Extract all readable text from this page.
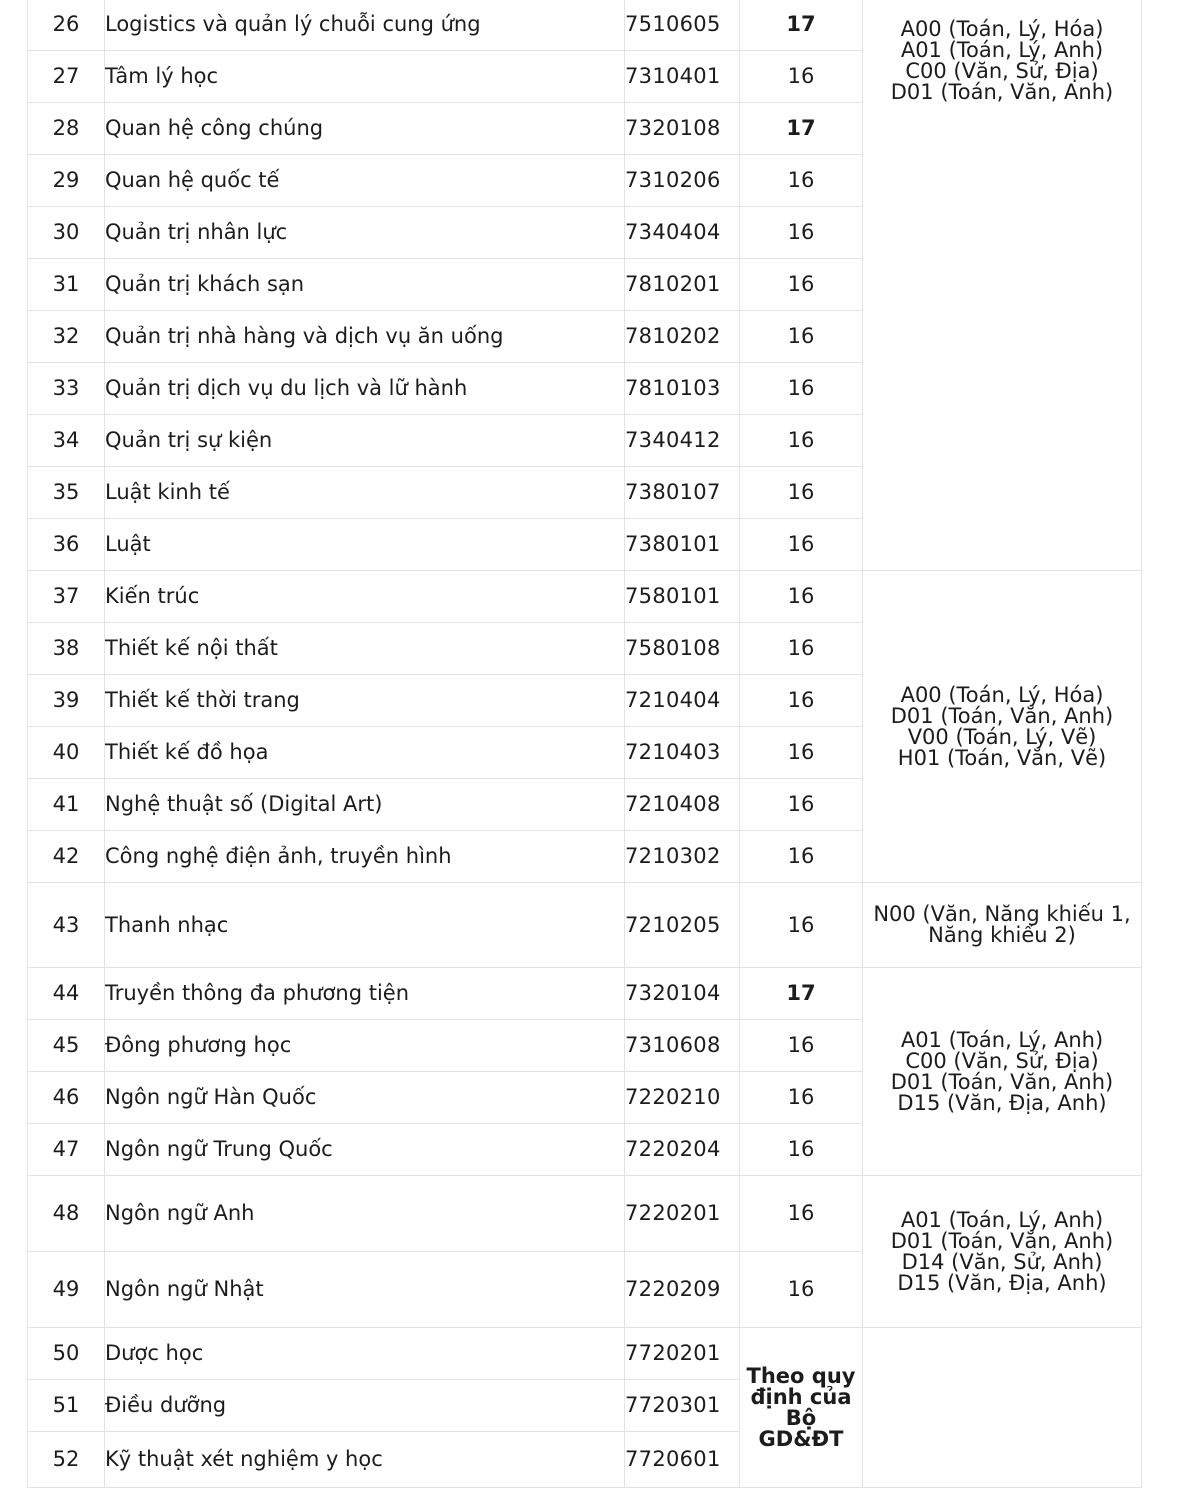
26	Logistics và quản lý chuỗi cung ứng	7510605	17	A00 (Toán, Lý, Hóa)
A01 (Toán, Lý, Anh)
C00 (Văn, Sử, Địa)
D01 (Toán, Văn, Anh)

27	Tâm lý học	7310401	16	
28	Quan hệ công chúng	7320108	17	
29	Quan hệ quốc tế	7310206	16	
30	Quản trị nhân lực	7340404	16	
31	Quản trị khách sạn	7810201	16	
32	Quản trị nhà hàng và dịch vụ ăn uống	7810202	16	
33	Quản trị dịch vụ du lịch và lữ hành	7810103	16	
34	Quản trị sự kiện	7340412	16	
35	Luật kinh tế	7380107	16	
36	Luật	7380101	16	
37	Kiến trúc	7580101	16	A00 (Toán, Lý, Hóa)
D01 (Toán, Văn, Anh)
V00 (Toán, Lý, Vẽ)
H01 (Toán, Văn, Vẽ)

38	Thiết kế nội thất	7580108	16	
39	Thiết kế thời trang	7210404	16	
40	Thiết kế đồ họa	7210403	16	
41	Nghệ thuật số (Digital Art)	7210408	16	
42	Công nghệ điện ảnh, truyền hình	7210302	16	
43	Thanh nhạc	7210205	16	N00 (Văn, Năng khiếu 1,
Năng khiếu 2)

44	Truyền thông đa phương tiện	7320104	17	A01 (Toán, Lý, Anh)
C00 (Văn, Sử, Địa)
D01 (Toán, Văn, Anh)
D15 (Văn, Địa, Anh)

45	Đông phương học	7310608	16	
46	Ngôn ngữ Hàn Quốc	7220210	16	
47	Ngôn ngữ Trung Quốc	7220204	16	
48	Ngôn ngữ Anh	7220201	16	A01 (Toán, Lý, Anh)
D01 (Toán, Văn, Anh)
D14 (Văn, Sử, Anh)
D15 (Văn, Địa, Anh)

49	Ngôn ngữ Nhật	7220209	16	
50	Dược học	7720201	Theo quy
định của
Bộ
GD&ĐT	

51	Điều dưỡng	7720301		
52	Kỹ thuật xét nghiệm y học	7720601		
